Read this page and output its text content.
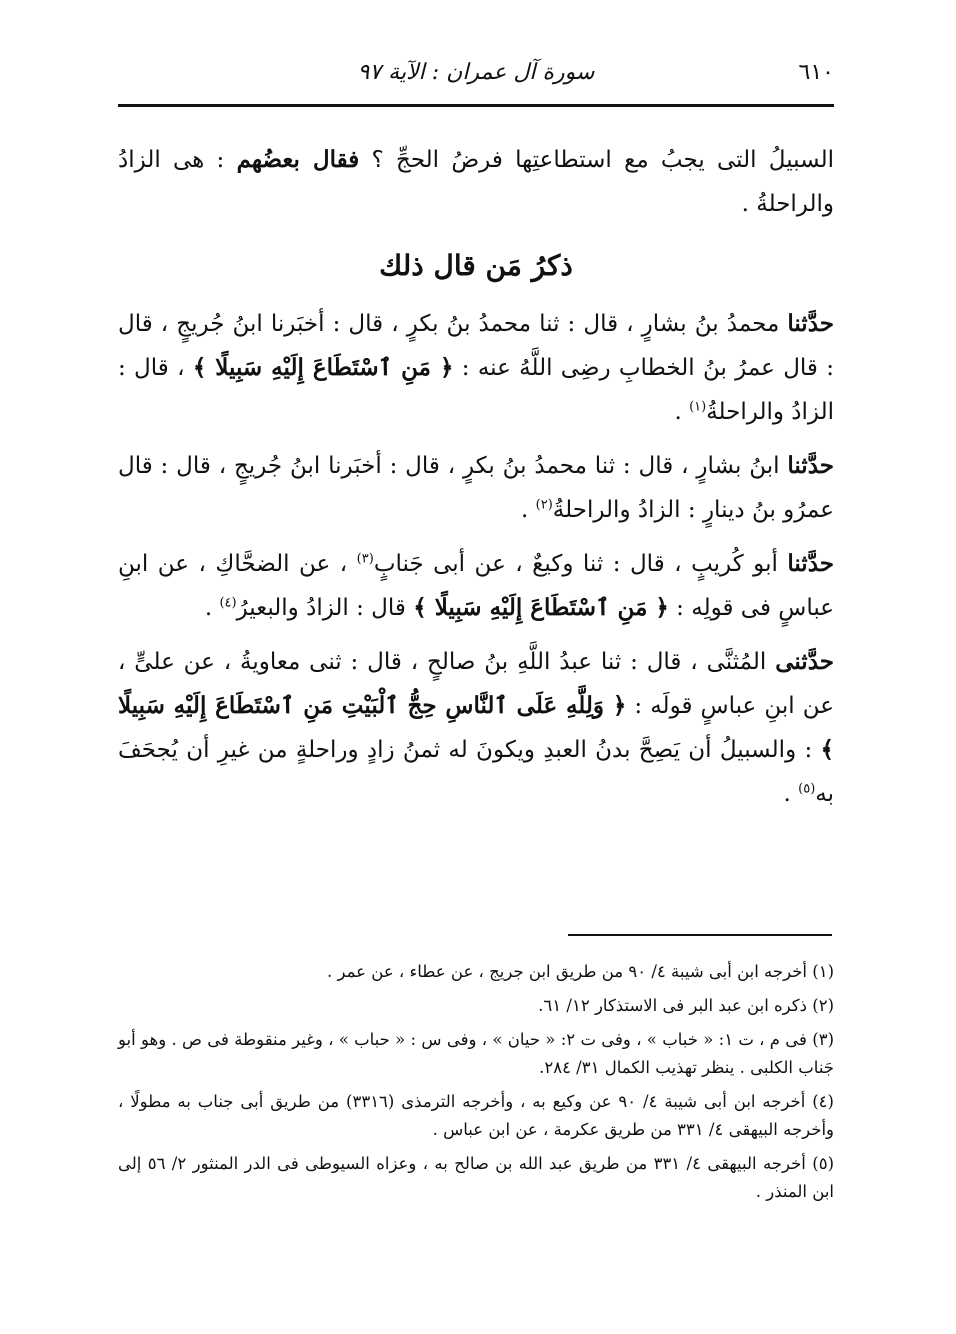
٦١٠
سورة آل عمران : الآية ٩٧

السبيلُ التى يجبُ مع استطاعتِها فرضُ الحجِّ ؟ فقال بعضُهم : هى الزادُ والراحلةُ .

ذكرُ مَن قال ذلك

حدَّثنا محمدُ بنُ بشارٍ ، قال : ثنا محمدُ بنُ بكرٍ ، قال : أخبَرنا ابنُ جُريجٍ ، قال : قال عمرُ بنُ الخطابِ رضِى اللَّهُ عنه : ﴿ مَنِ ٱسْتَطَاعَ إِلَيْهِ سَبِيلًا ﴾ ، قال : الزادُ والراحلةُ$^{(١)}$ .

حدَّثنا ابنُ بشارٍ ، قال : ثنا محمدُ بنُ بكرٍ ، قال : أخبَرنا ابنُ جُريجٍ ، قال : قال عمرُو بنُ دينارٍ : الزادُ والراحلةُ$^{(٢)}$ .

حدَّثنا أبو كُريبٍ ، قال : ثنا وكيعٌ ، عن أبى جَنابٍ$^{(٣)}$ ، عن الضحَّاكِ ، عن ابنِ عباسٍ فى قولِه : ﴿ مَنِ ٱسْتَطَاعَ إِلَيْهِ سَبِيلًا ﴾ قال : الزادُ والبعيرُ$^{(٤)}$ .

حدَّثنى المُثنَّى ، قال : ثنا عبدُ اللَّهِ بنُ صالحٍ ، قال : ثنى معاويةُ ، عن علىٍّ ، عن ابنِ عباسٍ قولَه : ﴿ وَلِلَّهِ عَلَى ٱلنَّاسِ حِجُّ ٱلْبَيْتِ مَنِ ٱسْتَطَاعَ إِلَيْهِ سَبِيلًا ﴾ : والسبيلُ أن يَصِحَّ بدنُ العبدِ ويكونَ له ثمنُ زادٍ وراحلةٍ من غيرِ أن يُجحَفَ به$^{(٥)}$ .

(١) أخرجه ابن أبى شيبة ٤/ ٩٠ من طريق ابن جريج ، عن عطاء ، عن عمر .

(٢) ذكره ابن عبد البر فى الاستذكار ١٢/ ٦١.

(٣) فى م ، ت ١: « خباب » ، وفى ت ٢: « حيان » ، وفى س : « حباب » ، وغير منقوطة فى ص . وهو أبو جَناب الكلبى . ينظر تهذيب الكمال ٣١/ ٢٨٤.

(٤) أخرجه ابن أبى شيبة ٤/ ٩٠ عن وكيع به ، وأخرجه الترمذى (٣٣١٦) من طريق أبى جناب به مطولًا ، وأخرجه البيهقى ٤/ ٣٣١ من طريق عكرمة ، عن ابن عباس .

(٥) أخرجه البيهقى ٤/ ٣٣١ من طريق عبد الله بن صالح به ، وعزاه السيوطى فى الدر المنثور ٢/ ٥٦ إلى ابن المنذر .
